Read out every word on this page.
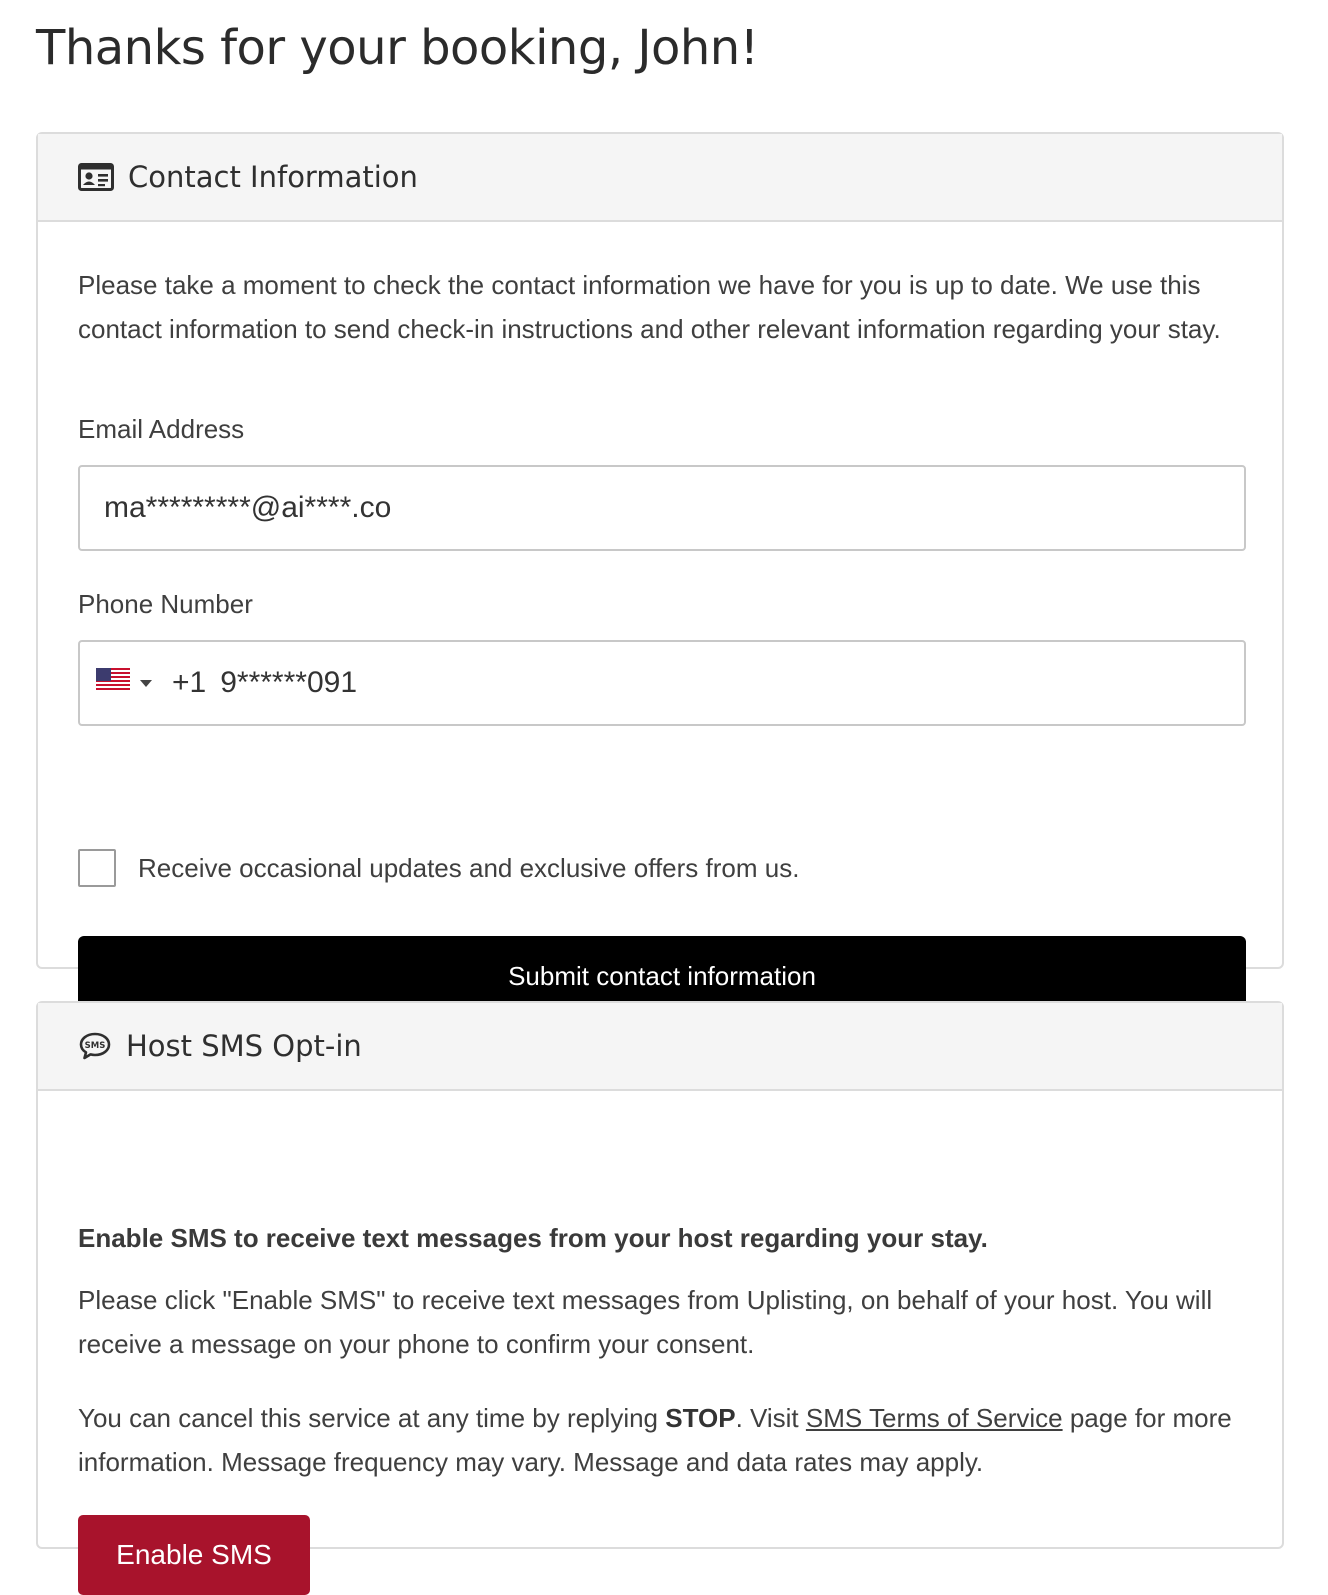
Thanks for your booking, John!
Contact Information

Please take a moment to check the contact information we have for you is up to date. We use this contact information to send check-in instructions and other relevant information regarding your stay.

Email Address
ma*********@ai****.co
Phone Number
+1 9******091
Receive occasional updates and exclusive offers from us.
Submit contact information
SMS Host SMS Opt-in

Enable SMS to receive text messages from your host regarding your stay.

Please click "Enable SMS" to receive text messages from Uplisting, on behalf of your host. You will receive a message on your phone to confirm your consent.

You can cancel this service at any time by replying STOP. Visit SMS Terms of Service page for more information. Message frequency may vary. Message and data rates may apply.

Enable SMS
